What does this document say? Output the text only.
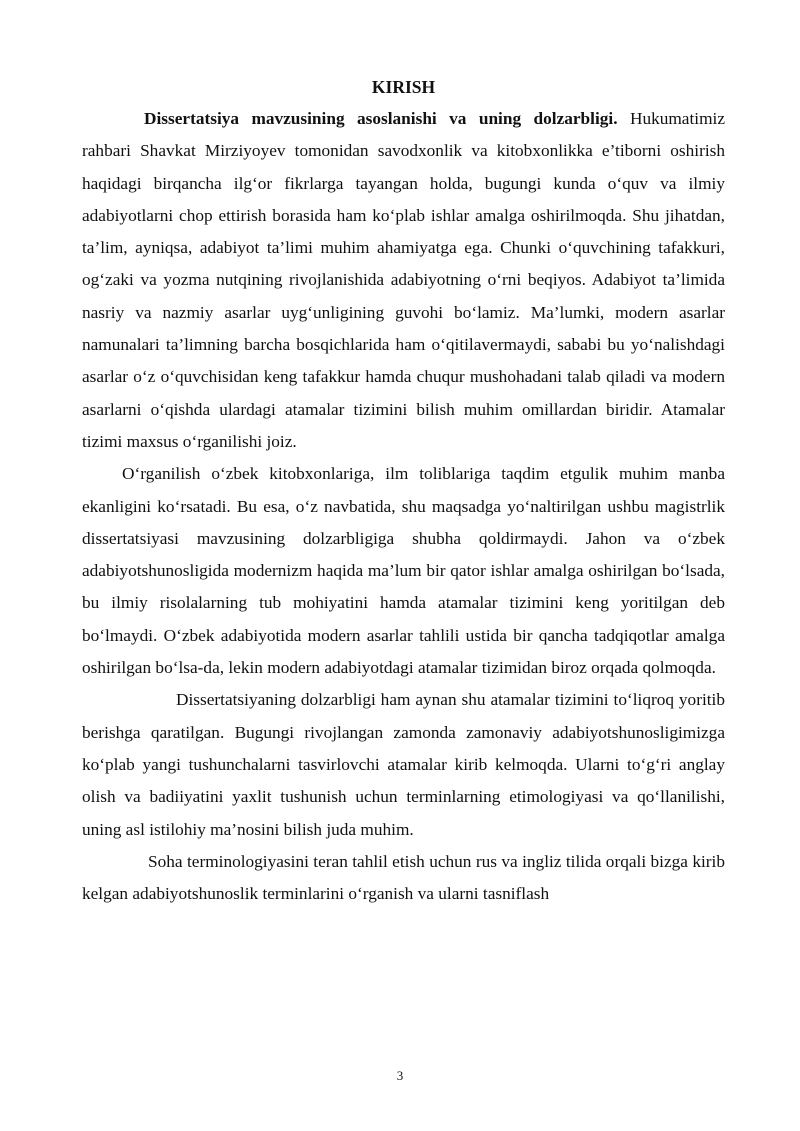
KIRISH

Dissertatsiya mavzusining asoslanishi va uning dolzarbligi. Hukumatimiz rahbari Shavkat Mirziyoyev tomonidan savodxonlik va kitobxonlikka e’tiborni oshirish haqidagi birqancha ilg‘or fikrlarga tayangan holda, bugungi kunda o‘quv va ilmiy adabiyotlarni chop ettirish borasida ham ko‘plab ishlar amalga oshirilmoqda. Shu jihatdan, ta’lim, ayniqsa, adabiyot ta’limi muhim ahamiyatga ega. Chunki o‘quvchining tafakkuri, og‘zaki va yozma nutqining rivojlanishida adabiyotning o‘rni beqiyos. Adabiyot ta’limida nasriy va nazmiy asarlar uyg‘unligining guvohi bo‘lamiz. Ma’lumki, modern asarlar namunalari ta’limning barcha bosqichlarida ham o‘qitilavermaydi, sababi bu yo‘nalishdagi asarlar o‘z o‘quvchisidan keng tafakkur hamda chuqur mushohadani talab qiladi va modern asarlarni o‘qishda ulardagi atamalar tizimini bilish muhim omillardan biridir. Atamalar tizimi maxsus o‘rganilishi joiz.

O‘rganilish o‘zbek kitobxonlariga, ilm toliblariga taqdim etgulik muhim manba ekanligini ko‘rsatadi. Bu esa, o‘z navbatida, shu maqsadga yo‘naltirilgan ushbu magistrlik dissertatsiyasi mavzusining dolzarbligiga shubha qoldirmaydi. Jahon va o‘zbek adabiyotshunosligida modernizm haqida ma’lum bir qator ishlar amalga oshirilgan bo‘lsada, bu ilmiy risolalarning tub mohiyatini hamda atamalar tizimini keng yoritilgan deb bo‘lmaydi. O‘zbek adabiyotida modern asarlar tahlili ustida bir qancha tadqiqotlar amalga oshirilgan bo‘lsa-da, lekin modern adabiyotdagi atamalar tizimidan biroz orqada qolmoqda.

Dissertatsiyaning dolzarbligi ham aynan shu atamalar tizimini to‘liqroq yoritib berishga qaratilgan. Bugungi rivojlangan zamonda zamonaviy adabiyotshunosligimizga ko‘plab yangi tushunchalarni tasvirlovchi atamalar kirib kelmoqda. Ularni to‘g‘ri anglay olish va badiiyatini yaxlit tushunish uchun terminlarning etimologiyasi va qo‘llanilishi, uning asl istilohiy ma’nosini bilish juda muhim.

Soha terminologiyasini teran tahlil etish uchun rus va ingliz tilida orqali bizga kirib kelgan adabiyotshunoslik terminlarini o‘rganish va ularni tasniflash

3
